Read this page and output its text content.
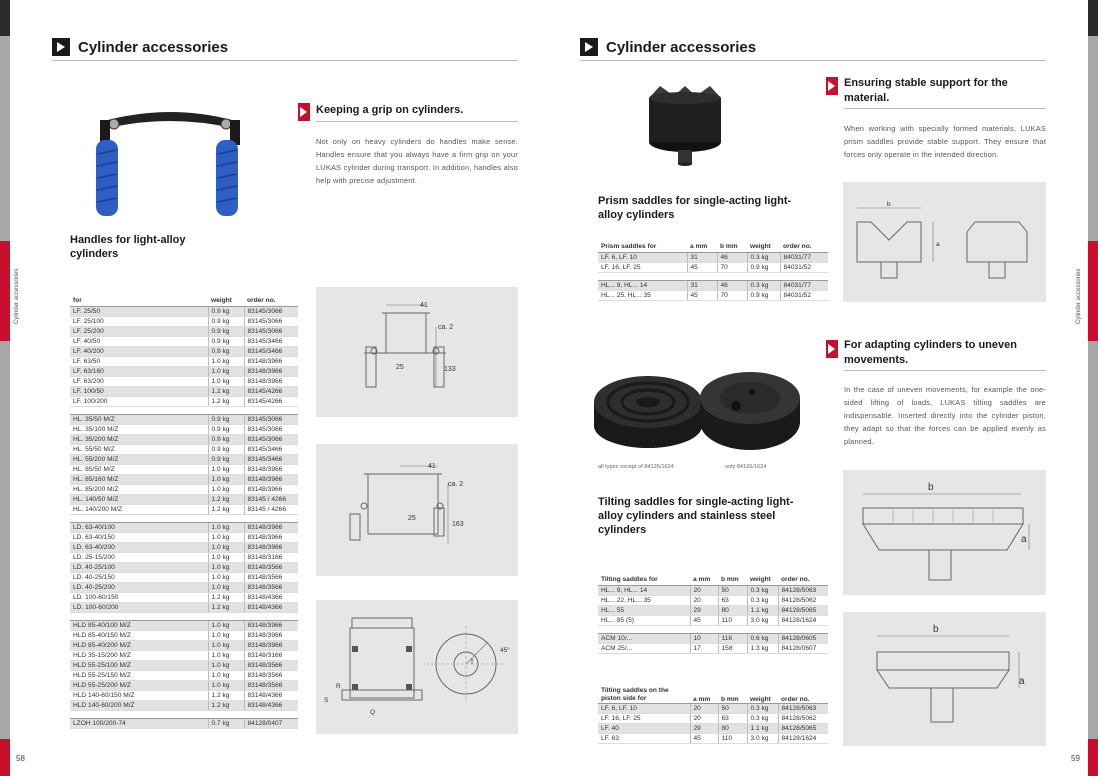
Cylinder accessories	Cylinder accessories
58	59
Cylinder accessories
Keeping a grip on cylinders.
Not only on heavy cylinders do handles make sense. Handles ensure that you always have a firm grip on your LUKAS cylinder during transport. In addition, handles also help with precise adjustment.
Handles for light-alloy cylinders
for	weight	order no.
LF. 25/50	0.9 kg	83145/3066
LF. 25/100	0.9 kg	83145/3066
LF. 25/200	0.9 kg	83145/3066
LF. 40/50	0.9 kg	83145/3466
LF. 40/200	0.9 kg	83145/3466
LF. 63/50	1.0 kg	83148/3966
LF. 63/160	1.0 kg	83148/3966
LF. 63/200	1.0 kg	83148/3966
LF. 100/50	1.2 kg	83145/4266
LF. 100/200	1.2 kg	83145/4266

HL. 35/50 M/Z	0.9 kg	83145/3066
HL. 35/100 M/Z	0.9 kg	83145/3066
HL. 35/200 M/Z	0.9 kg	83145/3066
HL. 55/50 M/Z	0.9 kg	83145/3466
HL. 55/200 M/Z	0.9 kg	83145/3466
HL. 85/50 M/Z	1.0 kg	83148/3966
HL. 85/160 M/Z	1.0 kg	83148/3966
HL. 85/200 M/Z	1.0 kg	83148/3966
HL. 140/50 M/Z	1.2 kg	83145 / 4266
HL. 140/200 M/Z	1.2 kg	83145 / 4266

LD. 63-40/100	1.0 kg	83148/3966
LD. 63-40/150	1.0 kg	83148/3966
LD. 63-40/200	1.0 kg	83148/3966
LD. 25-15/200	1.0 kg	83148/3166
LD. 40-25/100	1.0 kg	83148/3566
LD. 40-25/150	1.0 kg	83148/3566
LD. 40-25/200	1.0 kg	83148/3566
LD. 100-60/150	1.2 kg	83148/4366
LD. 100-60/200	1.2 kg	83148/4366

HLD 85-40/100 M/Z	1.0 kg	83148/3966
HLD 85-40/150 M/Z	1.0 kg	83148/3966
HLD 85-40/200 M/Z	1.0 kg	83148/3966
HLD 35-15/200 M/Z	1.0 kg	83148/3166
HLD 55-25/100 M/Z	1.0 kg	83148/3566
HLD 55-25/150 M/Z	1.0 kg	83148/3566
HLD 55-25/200 M/Z	1.0 kg	83148/3566
HLD 140-60/150 M/Z	1.2 kg	83148/4366
HLD 140-60/200 M/Z	1.2 kg	83148/4366

LZOH 100/200-74	0.7 kg	84128/0407
41
ca. 2
25	133
41
ca. 2
25
163
R
S
Q
T
45°
Cylinder accessories
Ensuring stable support for the material.
When working with specially formed materials, LUKAS prism saddles provide stable support. They ensure that forces only operate in the intended direction.
b
a
Prism saddles for single-acting light-alloy cylinders
Prism saddles for	a mm	b mm	weight	order no.
LF. 6, LF. 10	31	46	0.3 kg	84031/77
LF. 16, LF. 25	45	70	0.9 kg	84031/52

HL... 9, HL... 14	31	46	0.3 kg	84031/77
HL... 25, HL... 35	45	70	0.9 kg	84031/52
For adapting cylinders to uneven movements.
In the case of uneven movements, for example the one-sided lifting of loads, LUKAS tilting saddles are indispensable. Inserted directly into the cylinder piston, they adapt so that the forces can be applied evenly as planned.
all types except of 84126/1624	only 84126/1624
Tilting saddles for single-acting light-alloy cylinders and stainless steel cylinders
Tilting saddles for	a mm	b mm	weight	order no.
HL... 9, HL... 14	20	50	0.3 kg	84128/5063
HL... 22, HL... 35	20	63	0.3 kg	84128/5062
HL... 55	29	80	1.1 kg	84128/5065
HL... 85 (5)	45	110	3.0 kg	84128/1624

ACM 10/...	10	118	0.6 kg	84128/0605
ACM 25/...	17	158	1.3 kg	84128/0607
Tilting saddles on the piston side for	a mm	b mm	weight	order no.
LF. 6, LF. 10	20	50	0.3 kg	84128/5063
LF. 16, LF. 25	20	63	0.3 kg	84128/5062
LF. 40	29	80	1.1 kg	84128/5065
LF. 63	45	110	3.0 kg	84128/1624
b
a
b
a
